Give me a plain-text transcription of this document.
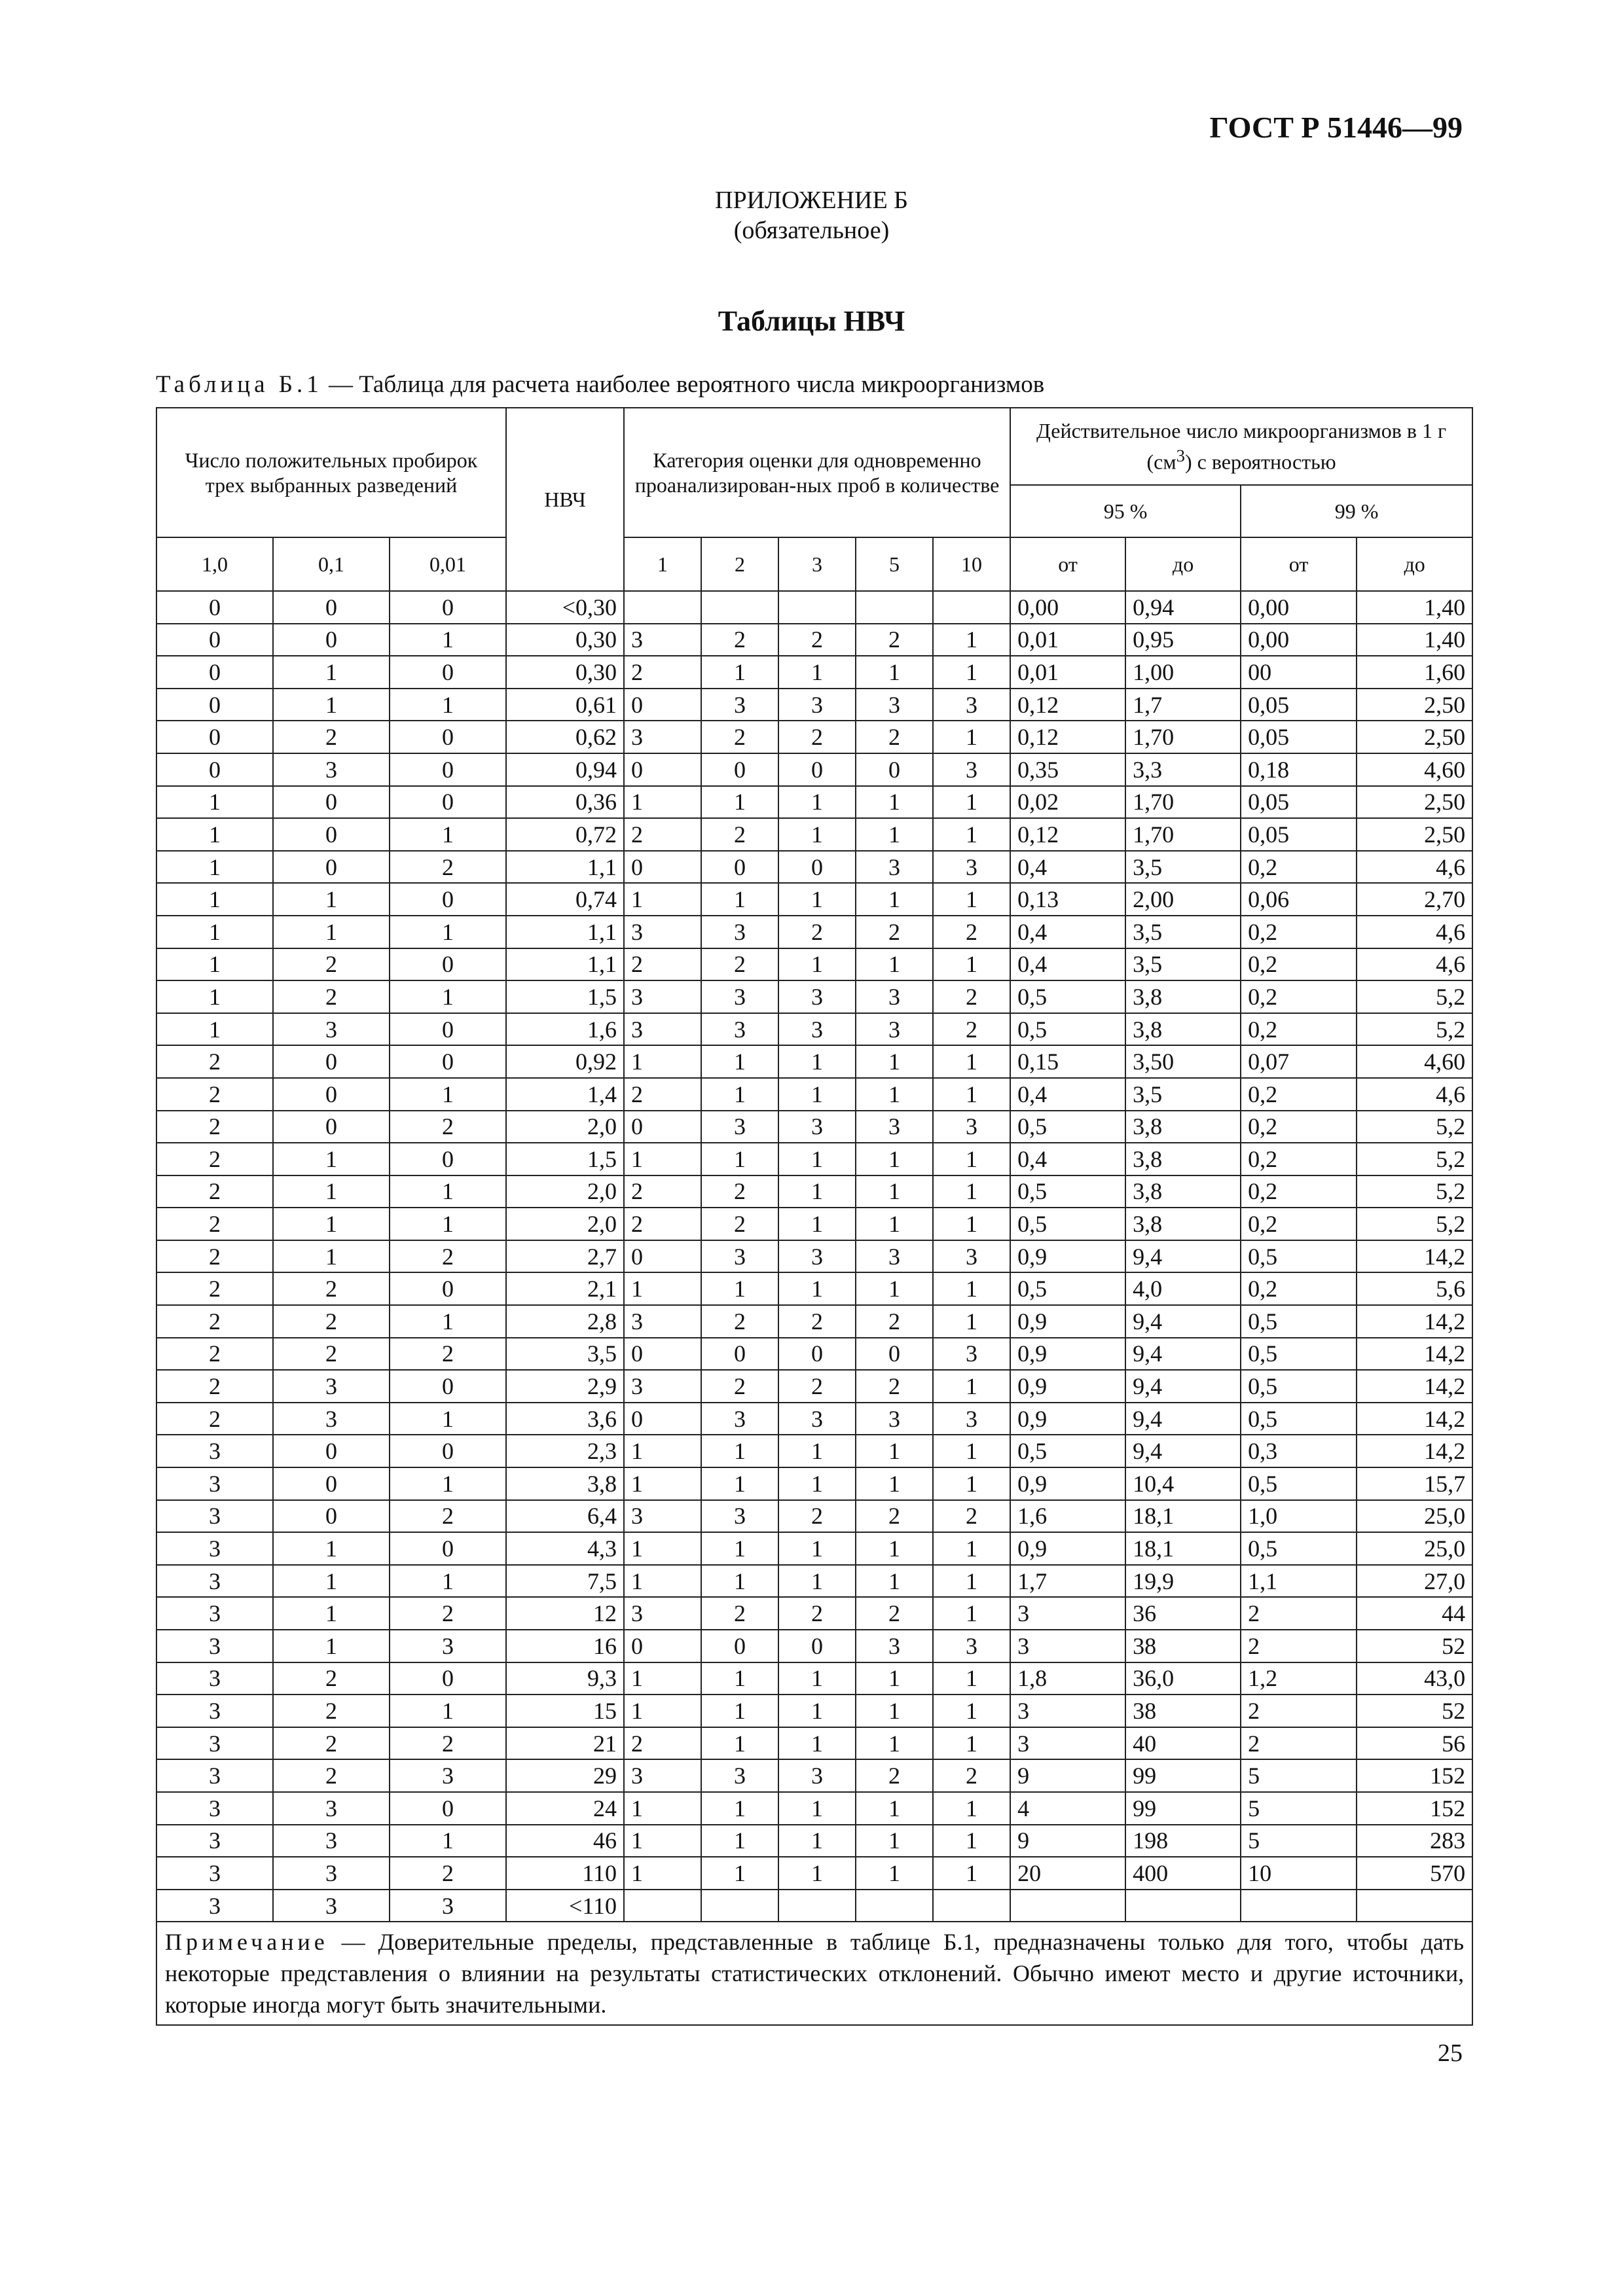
ГОСТ Р 51446—99
ПРИЛОЖЕНИЕ Б
(обязательное)
Таблицы НВЧ
Таблица Б.1 — Таблица для расчета наиболее вероятного числа микроорганизмов
Число положительных пробирок трех выбранных разведений			НВЧ	Категория оценки для одновременно проанализирован-ных проб в количестве					Действительное число микроорганизмов в 1 г $(см^3)$ с вероятностью			
									95 %		99 %	
1,0	0,1	0,01		1	2	3	5	10	от	до	от	до
0	0	0	<0,30						0,00	0,94	0,00	1,40
0	0	1	0,30	3	2	2	2	1	0,01	0,95	0,00	1,40
0	1	0	0,30	2	1	1	1	1	0,01	1,00	00	1,60
0	1	1	0,61	0	3	3	3	3	0,12	1,7	0,05	2,50
0	2	0	0,62	3	2	2	2	1	0,12	1,70	0,05	2,50
0	3	0	0,94	0	0	0	0	3	0,35	3,3	0,18	4,60
1	0	0	0,36	1	1	1	1	1	0,02	1,70	0,05	2,50
1	0	1	0,72	2	2	1	1	1	0,12	1,70	0,05	2,50
1	0	2	1,1	0	0	0	3	3	0,4	3,5	0,2	4,6
1	1	0	0,74	1	1	1	1	1	0,13	2,00	0,06	2,70
1	1	1	1,1	3	3	2	2	2	0,4	3,5	0,2	4,6
1	2	0	1,1	2	2	1	1	1	0,4	3,5	0,2	4,6
1	2	1	1,5	3	3	3	3	2	0,5	3,8	0,2	5,2
1	3	0	1,6	3	3	3	3	2	0,5	3,8	0,2	5,2
2	0	0	0,92	1	1	1	1	1	0,15	3,50	0,07	4,60
2	0	1	1,4	2	1	1	1	1	0,4	3,5	0,2	4,6
2	0	2	2,0	0	3	3	3	3	0,5	3,8	0,2	5,2
2	1	0	1,5	1	1	1	1	1	0,4	3,8	0,2	5,2
2	1	1	2,0	2	2	1	1	1	0,5	3,8	0,2	5,2
2	1	1	2,0	2	2	1	1	1	0,5	3,8	0,2	5,2
2	1	2	2,7	0	3	3	3	3	0,9	9,4	0,5	14,2
2	2	0	2,1	1	1	1	1	1	0,5	4,0	0,2	5,6
2	2	1	2,8	3	2	2	2	1	0,9	9,4	0,5	14,2
2	2	2	3,5	0	0	0	0	3	0,9	9,4	0,5	14,2
2	3	0	2,9	3	2	2	2	1	0,9	9,4	0,5	14,2
2	3	1	3,6	0	3	3	3	3	0,9	9,4	0,5	14,2
3	0	0	2,3	1	1	1	1	1	0,5	9,4	0,3	14,2
3	0	1	3,8	1	1	1	1	1	0,9	10,4	0,5	15,7
3	0	2	6,4	3	3	2	2	2	1,6	18,1	1,0	25,0
3	1	0	4,3	1	1	1	1	1	0,9	18,1	0,5	25,0
3	1	1	7,5	1	1	1	1	1	1,7	19,9	1,1	27,0
3	1	2	12	3	2	2	2	1	3	36	2	44
3	1	3	16	0	0	0	3	3	3	38	2	52
3	2	0	9,3	1	1	1	1	1	1,8	36,0	1,2	43,0
3	2	1	15	1	1	1	1	1	3	38	2	52
3	2	2	21	2	1	1	1	1	3	40	2	56
3	2	3	29	3	3	3	2	2	9	99	5	152
3	3	0	24	1	1	1	1	1	4	99	5	152
3	3	1	46	1	1	1	1	1	9	198	5	283
3	3	2	110	1	1	1	1	1	20	400	10	570
3	3	3	<110									
Примечание — Доверительные пределы, представленные в таблице Б.1, предназначены только для того, чтобы дать некоторые представления о влиянии на результаты статистических отклонений. Обычно имеют место и другие источники, которые иногда могут быть значительными.												
25
